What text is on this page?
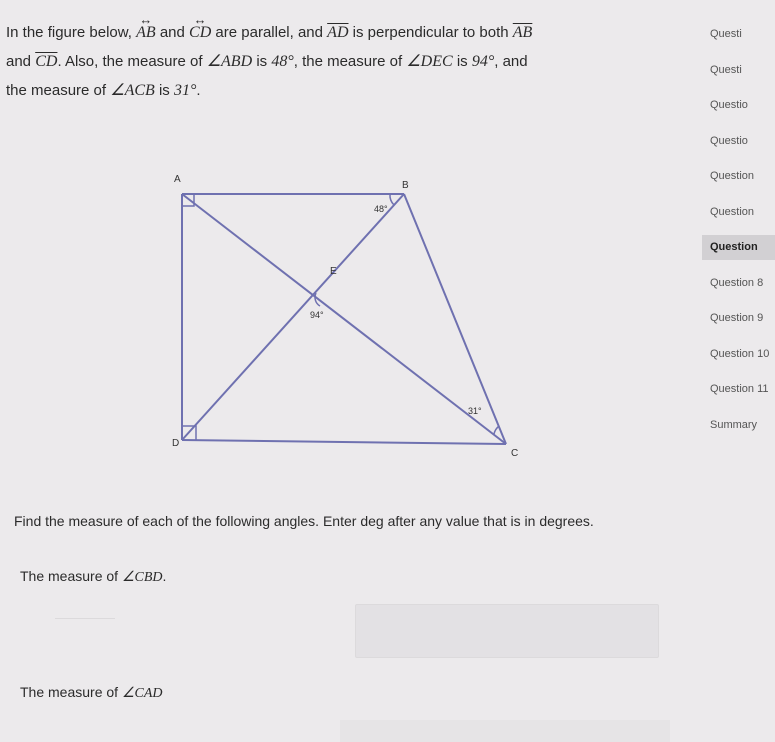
In the figure below, ↔ AB and ↔ CD are parallel, and $\overline{AD}$ is perpendicular to both $\overline{AB}$
and $\overline{CD}$. Also, the measure of ∠ABD is 48°, the measure of ∠DEC is 94°, and
the measure of ∠ACB is 31°.
A
B
C
D
E
48°
94°
31°
Find the measure of each of the following angles. Enter deg after any value that is in degrees.
The measure of ∠CBD.
The measure of ∠CAD
Questi
Questi
Questio
Questio
Question
Question
Question
Question 8
Question 9
Question 10
Question 11
Summary
